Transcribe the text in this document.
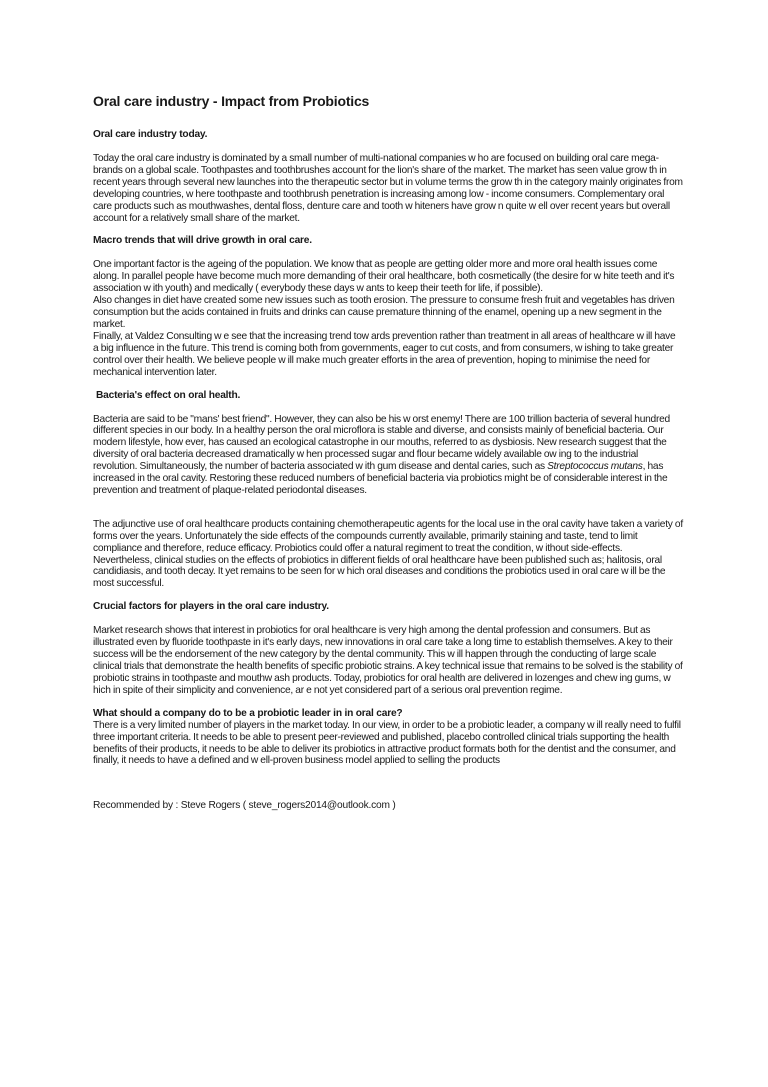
Oral care industry - Impact from Probiotics
Oral care industry today.

Today the oral care industry is dominated by a small number of multi-national companies w ho are focused on building oral care mega-brands on a global scale. Toothpastes and toothbrushes account for the lion's share of the market. The market has seen value grow th in recent years through several new launches into the therapeutic sector but in volume terms the grow th in the category mainly originates from developing countries, w here toothpaste and toothbrush penetration is increasing among low - income consumers. Complementary oral care products such as mouthwashes, dental floss, denture care and tooth w hiteners have grow n quite w ell over recent years but overall account for a relatively small share of the market.

Macro trends that will drive growth in oral care.

One important factor is the ageing of the population. We know that as people are getting older more and more oral health issues come along. In parallel people have become much more demanding of their oral healthcare, both cosmetically (the desire for w hite teeth and it's association w ith youth) and medically ( everybody these days w ants to keep their teeth for life, if possible).

Also changes in diet have created some new issues such as tooth erosion. The pressure to consume fresh fruit and vegetables has driven consumption but the acids contained in fruits and drinks can cause premature thinning of the enamel, opening up a new segment in the market.

Finally, at Valdez Consulting w e see that the increasing trend tow ards prevention rather than treatment in all areas of healthcare w ill have a big influence in the future. This trend is coming both from governments, eager to cut costs, and from consumers, w ishing to take greater control over their health. We believe people w ill make much greater efforts in the area of prevention, hoping to minimise the need for mechanical intervention later.

Bacteria's effect on oral health.

Bacteria are said to be "mans' best friend". However, they can also be his w orst enemy! There are 100 trillion bacteria of several hundred different species in our body. In a healthy person the oral microflora is stable and diverse, and consists mainly of beneficial bacteria. Our modern lifestyle, how ever, has caused an ecological catastrophe in our mouths, referred to as dysbiosis. New research suggest that the diversity of oral bacteria decreased dramatically w hen processed sugar and flour became widely available ow ing to the industrial revolution. Simultaneously, the number of bacteria associated w ith gum disease and dental caries, such as Streptococcus mutans, has increased in the oral cavity. Restoring these reduced numbers of beneficial bacteria via probiotics might be of considerable interest in the prevention and treatment of plaque-related periodontal diseases.

The adjunctive use of oral healthcare products containing chemotherapeutic agents for the local use in the oral cavity have taken a variety of forms over the years. Unfortunately the side effects of the compounds currently available, primarily staining and taste, tend to limit compliance and therefore, reduce efficacy. Probiotics could offer a natural regiment to treat the condition, w ithout side-effects. Nevertheless, clinical studies on the effects of probiotics in different fields of oral healthcare have been published such as; halitosis, oral candidiasis, and tooth decay. It yet remains to be seen for w hich oral diseases and conditions the probiotics used in oral care w ill be the most successful.

Crucial factors for players in the oral care industry.

Market research shows that interest in probiotics for oral healthcare is very high among the dental profession and consumers. But as illustrated even by fluoride toothpaste in it's early days, new innovations in oral care take a long time to establish themselves. A key to their success will be the endorsement of the new category by the dental community. This w ill happen through the conducting of large scale clinical trials that demonstrate the health benefits of specific probiotic strains. A key technical issue that remains to be solved is the stability of probiotic strains in toothpaste and mouthw ash products. Today, probiotics for oral health are delivered in lozenges and chew ing gums, w hich in spite of their simplicity and convenience, ar e not yet considered part of a serious oral prevention regime.

What should a company do to be a probiotic leader in in oral care?

There is a very limited number of players in the market today. In our view, in order to be a probiotic leader, a company w ill really need to fulfil three important criteria. It needs to be able to present peer-reviewed and published, placebo controlled clinical trials supporting the health benefits of their products, it needs to be able to deliver its probiotics in attractive product formats both for the dentist and the consumer, and finally, it needs to have a defined and w ell-proven business model applied to selling the products

Recommended by : Steve Rogers ( steve_rogers2014@outlook.com )
